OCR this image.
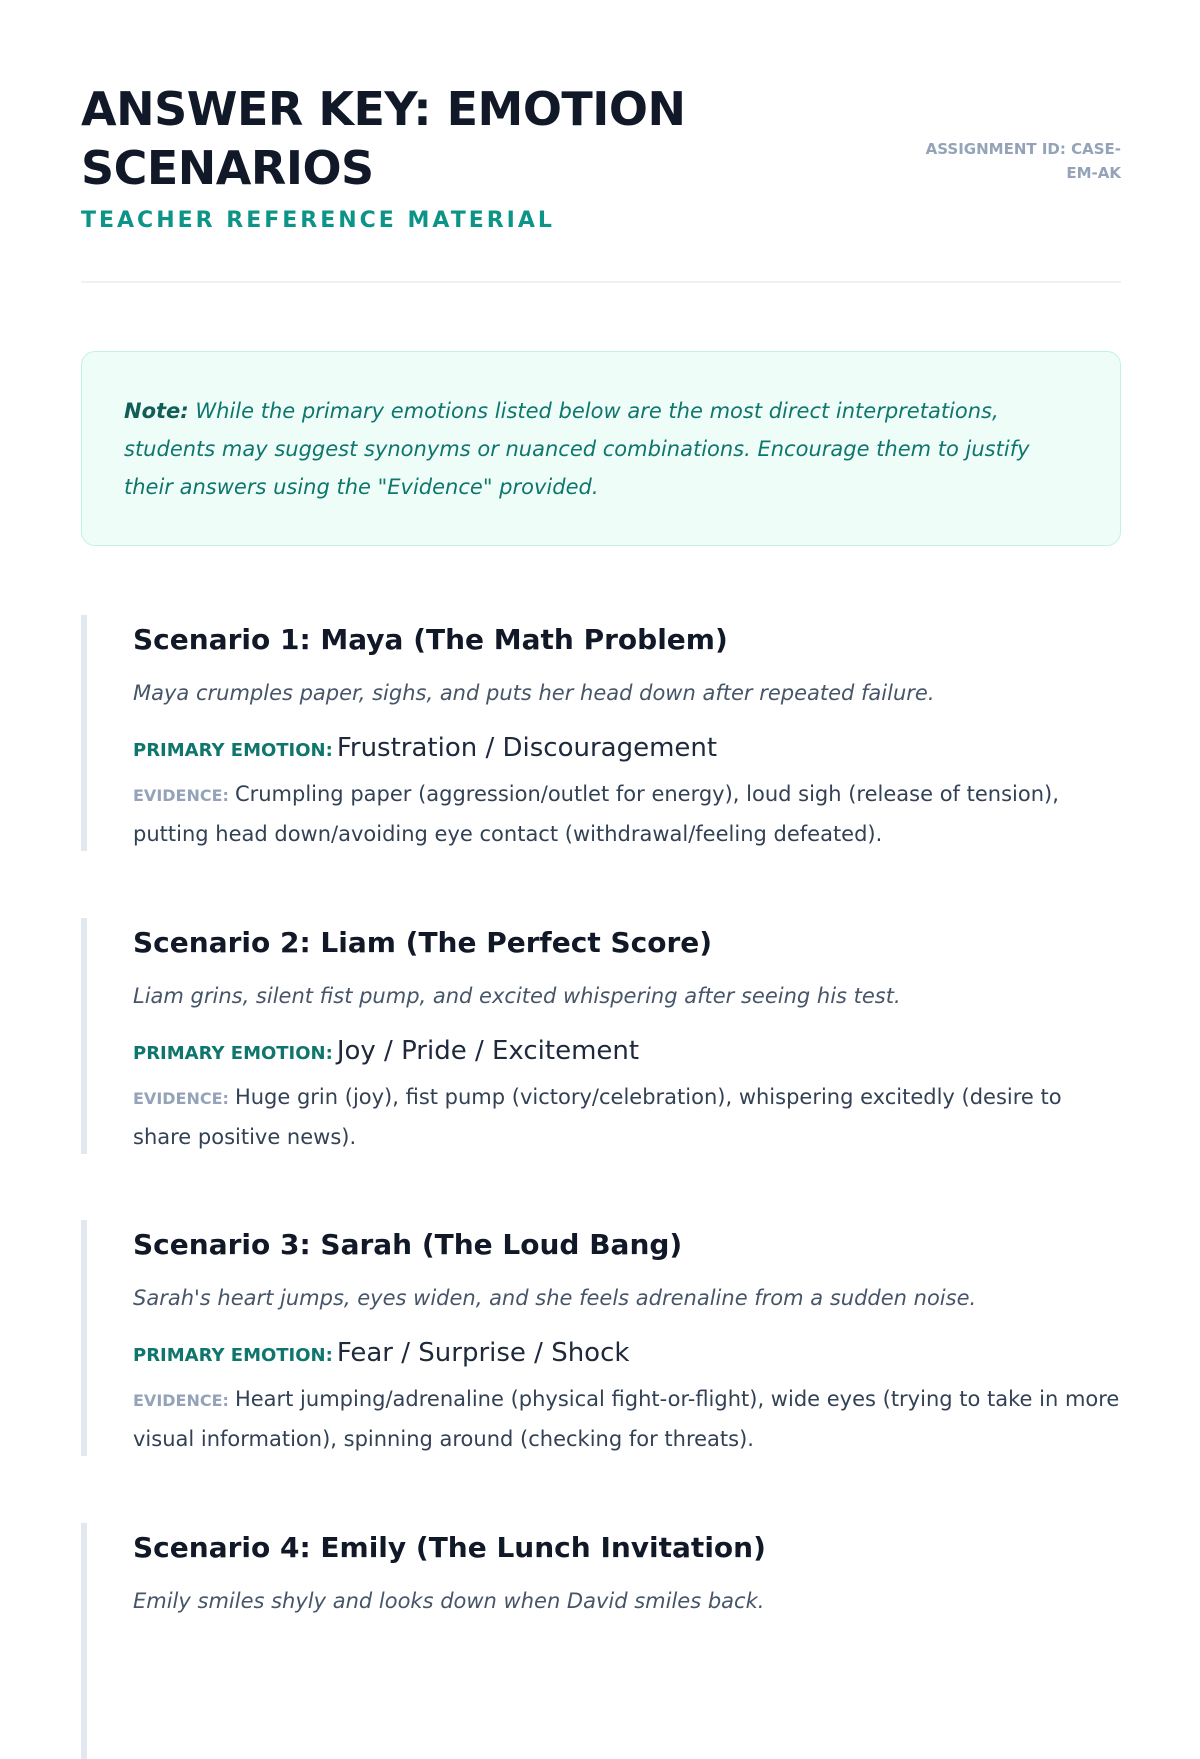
ANSWER KEY: EMOTION SCENARIOS

TEACHER REFERENCE MATERIAL

ASSIGNMENT ID: CASE-EM-AK

Note: While the primary emotions listed below are the most direct interpretations, students may suggest synonyms or nuanced combinations. Encourage them to justify their answers using the "Evidence" provided.

Scenario 1: Maya (The Math Problem)

Maya crumples paper, sighs, and puts her head down after repeated failure.

PRIMARY EMOTION: Frustration / Discouragement

EVIDENCE: Crumpling paper (aggression/outlet for energy), loud sigh (release of tension), putting head down/avoiding eye contact (withdrawal/feeling defeated).

Scenario 2: Liam (The Perfect Score)

Liam grins, silent fist pump, and excited whispering after seeing his test.

PRIMARY EMOTION: Joy / Pride / Excitement

EVIDENCE: Huge grin (joy), fist pump (victory/celebration), whispering excitedly (desire to share positive news).

Scenario 3: Sarah (The Loud Bang)

Sarah's heart jumps, eyes widen, and she feels adrenaline from a sudden noise.

PRIMARY EMOTION: Fear / Surprise / Shock

EVIDENCE: Heart jumping/adrenaline (physical fight-or-flight), wide eyes (trying to take in more visual information), spinning around (checking for threats).

Scenario 4: Emily (The Lunch Invitation)

Emily smiles shyly and looks down when David smiles back.
